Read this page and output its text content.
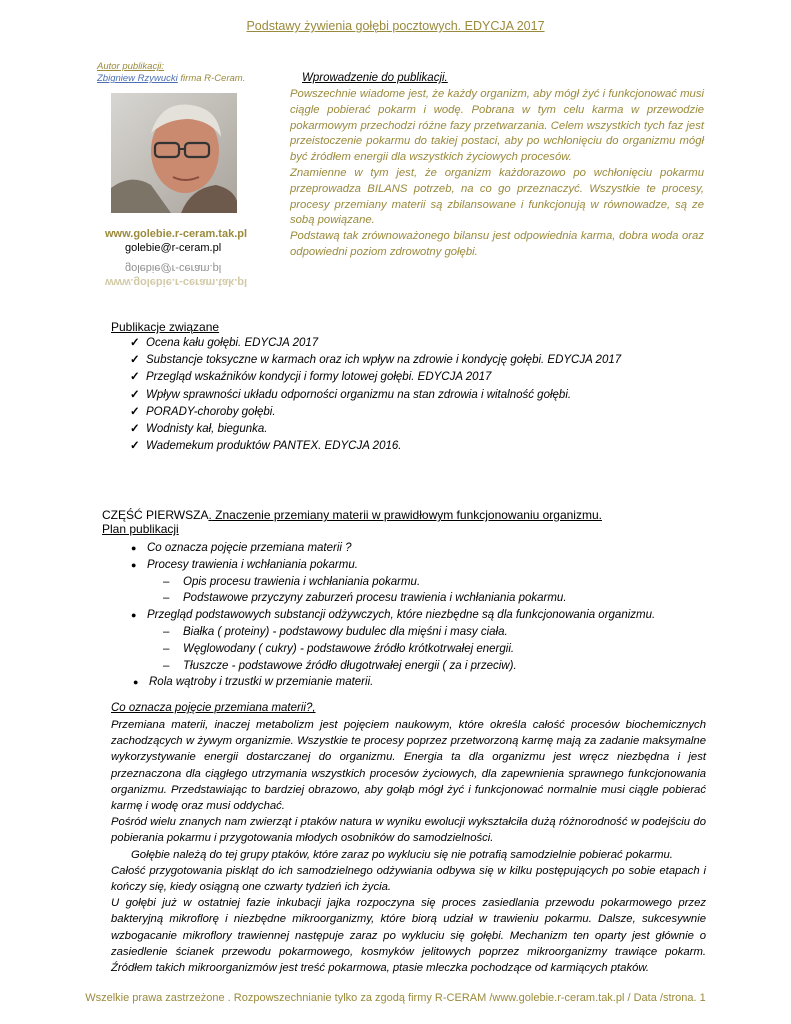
Podstawy żywienia gołębi pocztowych. EDYCJA 2017
Autor publikacji:
Zbigniew Rzywucki firma R-Ceram.
www.golebie.r-ceram.tak.pl
golebie@r-ceram.pl
golebie@r-ceram.pl
www.golebie.r-ceram.tak.pl
Wprowadzenie do publikacji.

Powszechnie wiadome jest, że każdy organizm, aby mógł żyć i funkcjonować musi ciągle pobierać pokarm i wodę. Pobrana w tym celu karma w przewodzie pokarmowym przechodzi różne fazy przetwarzania. Celem wszystkich tych faz jest przeistoczenie pokarmu do takiej postaci, aby po wchłonięciu do organizmu mógł być źródłem energii dla wszystkich życiowych procesów.

Znamienne w tym jest, że organizm każdorazowo po wchłonięciu pokarmu przeprowadza BILANS potrzeb, na co go przeznaczyć. Wszystkie te procesy, procesy przemiany materii są zbilansowane i funkcjonują w równowadze, są ze sobą powiązane.

Podstawą tak zrównoważonego bilansu jest odpowiednia karma, dobra woda oraz odpowiedni poziom zdrowotny gołębi.

Publikacje związane
✓ Ocena kału gołębi. EDYCJA 2017
✓ Substancje toksyczne w karmach oraz ich wpływ na zdrowie i kondycję gołębi. EDYCJA 2017
✓ Przegląd wskaźników kondycji i formy lotowej gołębi. EDYCJA 2017
✓ Wpływ sprawności układu odporności organizmu na stan zdrowia i witalność gołębi.
✓ PORADY-choroby gołębi.
✓ Wodnisty kał, biegunka.
✓ Wademekum produktów PANTEX. EDYCJA 2016.
CZĘŚĆ PIERWSZA. Znaczenie przemiany materii w prawidłowym funkcjonowaniu organizmu.
Plan publikacji
● Co oznacza pojęcie przemiana materii ?
● Procesy trawienia i wchłaniania pokarmu.
– Opis procesu trawienia i wchłaniania pokarmu.
– Podstawowe przyczyny zaburzeń procesu trawienia i wchłaniania pokarmu.
● Przegląd podstawowych substancji odżywczych, które niezbędne są dla funkcjonowania organizmu.
– Białka ( proteiny) - podstawowy budulec dla mięśni i masy ciała.
– Węglowodany ( cukry) - podstawowe źródło krótkotrwałej energii.
– Tłuszcze - podstawowe źródło długotrwałej energii ( za i przeciw).
● Rola wątroby i trzustki w przemianie materii.
Co oznacza pojęcie przemiana materii?,

Przemiana materii, inaczej metabolizm jest pojęciem naukowym, które określa całość procesów biochemicznych zachodzących w żywym organizmie. Wszystkie te procesy poprzez przetworzoną karmę mają za zadanie maksymalne wykorzystywanie energii dostarczanej do organizmu. Energia ta dla organizmu jest wręcz niezbędna i jest przeznaczona dla ciągłego utrzymania wszystkich procesów życiowych, dla zapewnienia sprawnego funkcjonowania organizmu. Przedstawiając to bardziej obrazowo, aby gołąb mógł żyć i funkcjonować normalnie musi ciągle pobierać karmę i wodę oraz musi oddychać.

Pośród wielu znanych nam zwierząt i ptaków natura w wyniku ewolucji wykształciła dużą różnorodność w podejściu do pobierania pokarmu i przygotowania młodych osobników do samodzielności.

Gołębie należą do tej grupy ptaków, które zaraz po wykluciu się nie potrafią samodzielnie pobierać pokarmu.

Całość przygotowania piskląt do ich samodzielnego odżywiania odbywa się w kilku postępujących po sobie etapach i kończy się, kiedy osiągną one czwarty tydzień ich życia.

U gołębi już w ostatniej fazie inkubacji jajka rozpoczyna się proces zasiedlania przewodu pokarmowego przez bakteryjną mikroflorę i niezbędne mikroorganizmy, które biorą udział w trawieniu pokarmu. Dalsze, sukcesywnie wzbogacanie mikroflory trawiennej następuje zaraz po wykluciu się gołębi. Mechanizm ten oparty jest głównie o zasiedlenie ścianek przewodu pokarmowego, kosmyków jelitowych poprzez mikroorganizmy trawiące pokarm. Źródłem takich mikroorganizmów jest treść pokarmowa, ptasie mleczka pochodzące od karmiących ptaków.

Wszelkie prawa zastrzeżone . Rozpowszechnianie tylko za zgodą firmy R-CERAM /www.golebie.r-ceram.tak.pl / Data /strona. 1
